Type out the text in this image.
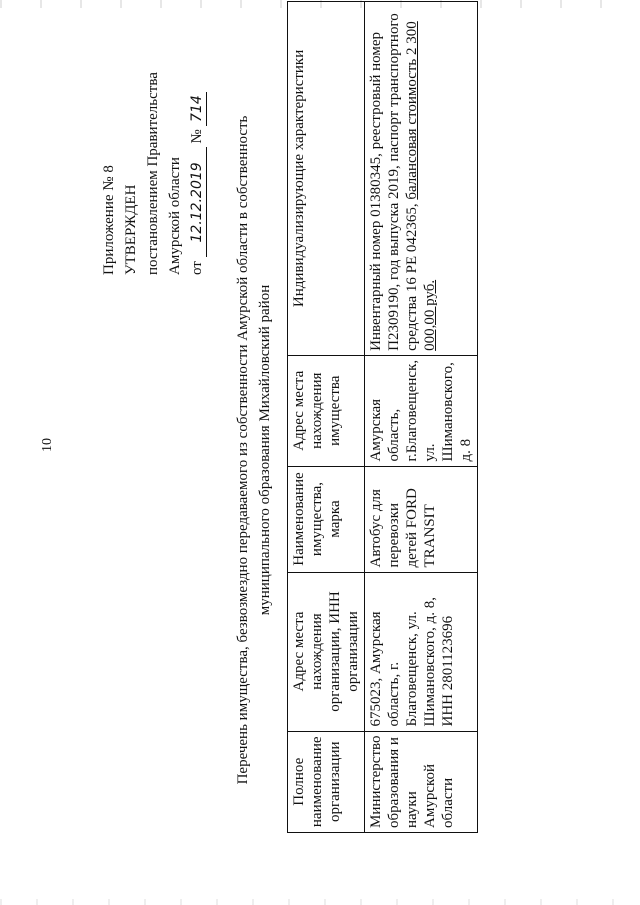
10
Приложение № 8 УТВЕРЖДЕН постановлением Правительства Амурской области от 12.12.2019 № 714
Перечень имущества, безвозмездно передаваемого из собственности Амурской области в собственность муниципального образования Михайловский район
Полное наименование организации	Адрес места нахождения организации, ИНН организации	Наименование имущества, марка	Адрес места нахождения имущества	Индивидуализирующие характеристики
Министерство образования и науки Амурской области	675023, Амурская область, г. Благовещенск, ул. Шимановского, д. 8, ИНН 2801123696	Автобус для перевозки детей FORD TRANSIT	Амурская область, г.Благовещенск, ул. Шимановского, д. 8	Инвентарный номер 01380345, реестровый номер П2309190, год выпуска 2019, паспорт транспортного средства 16 РЕ 042365, балансовая стоимость 2 300 000,00 руб.
